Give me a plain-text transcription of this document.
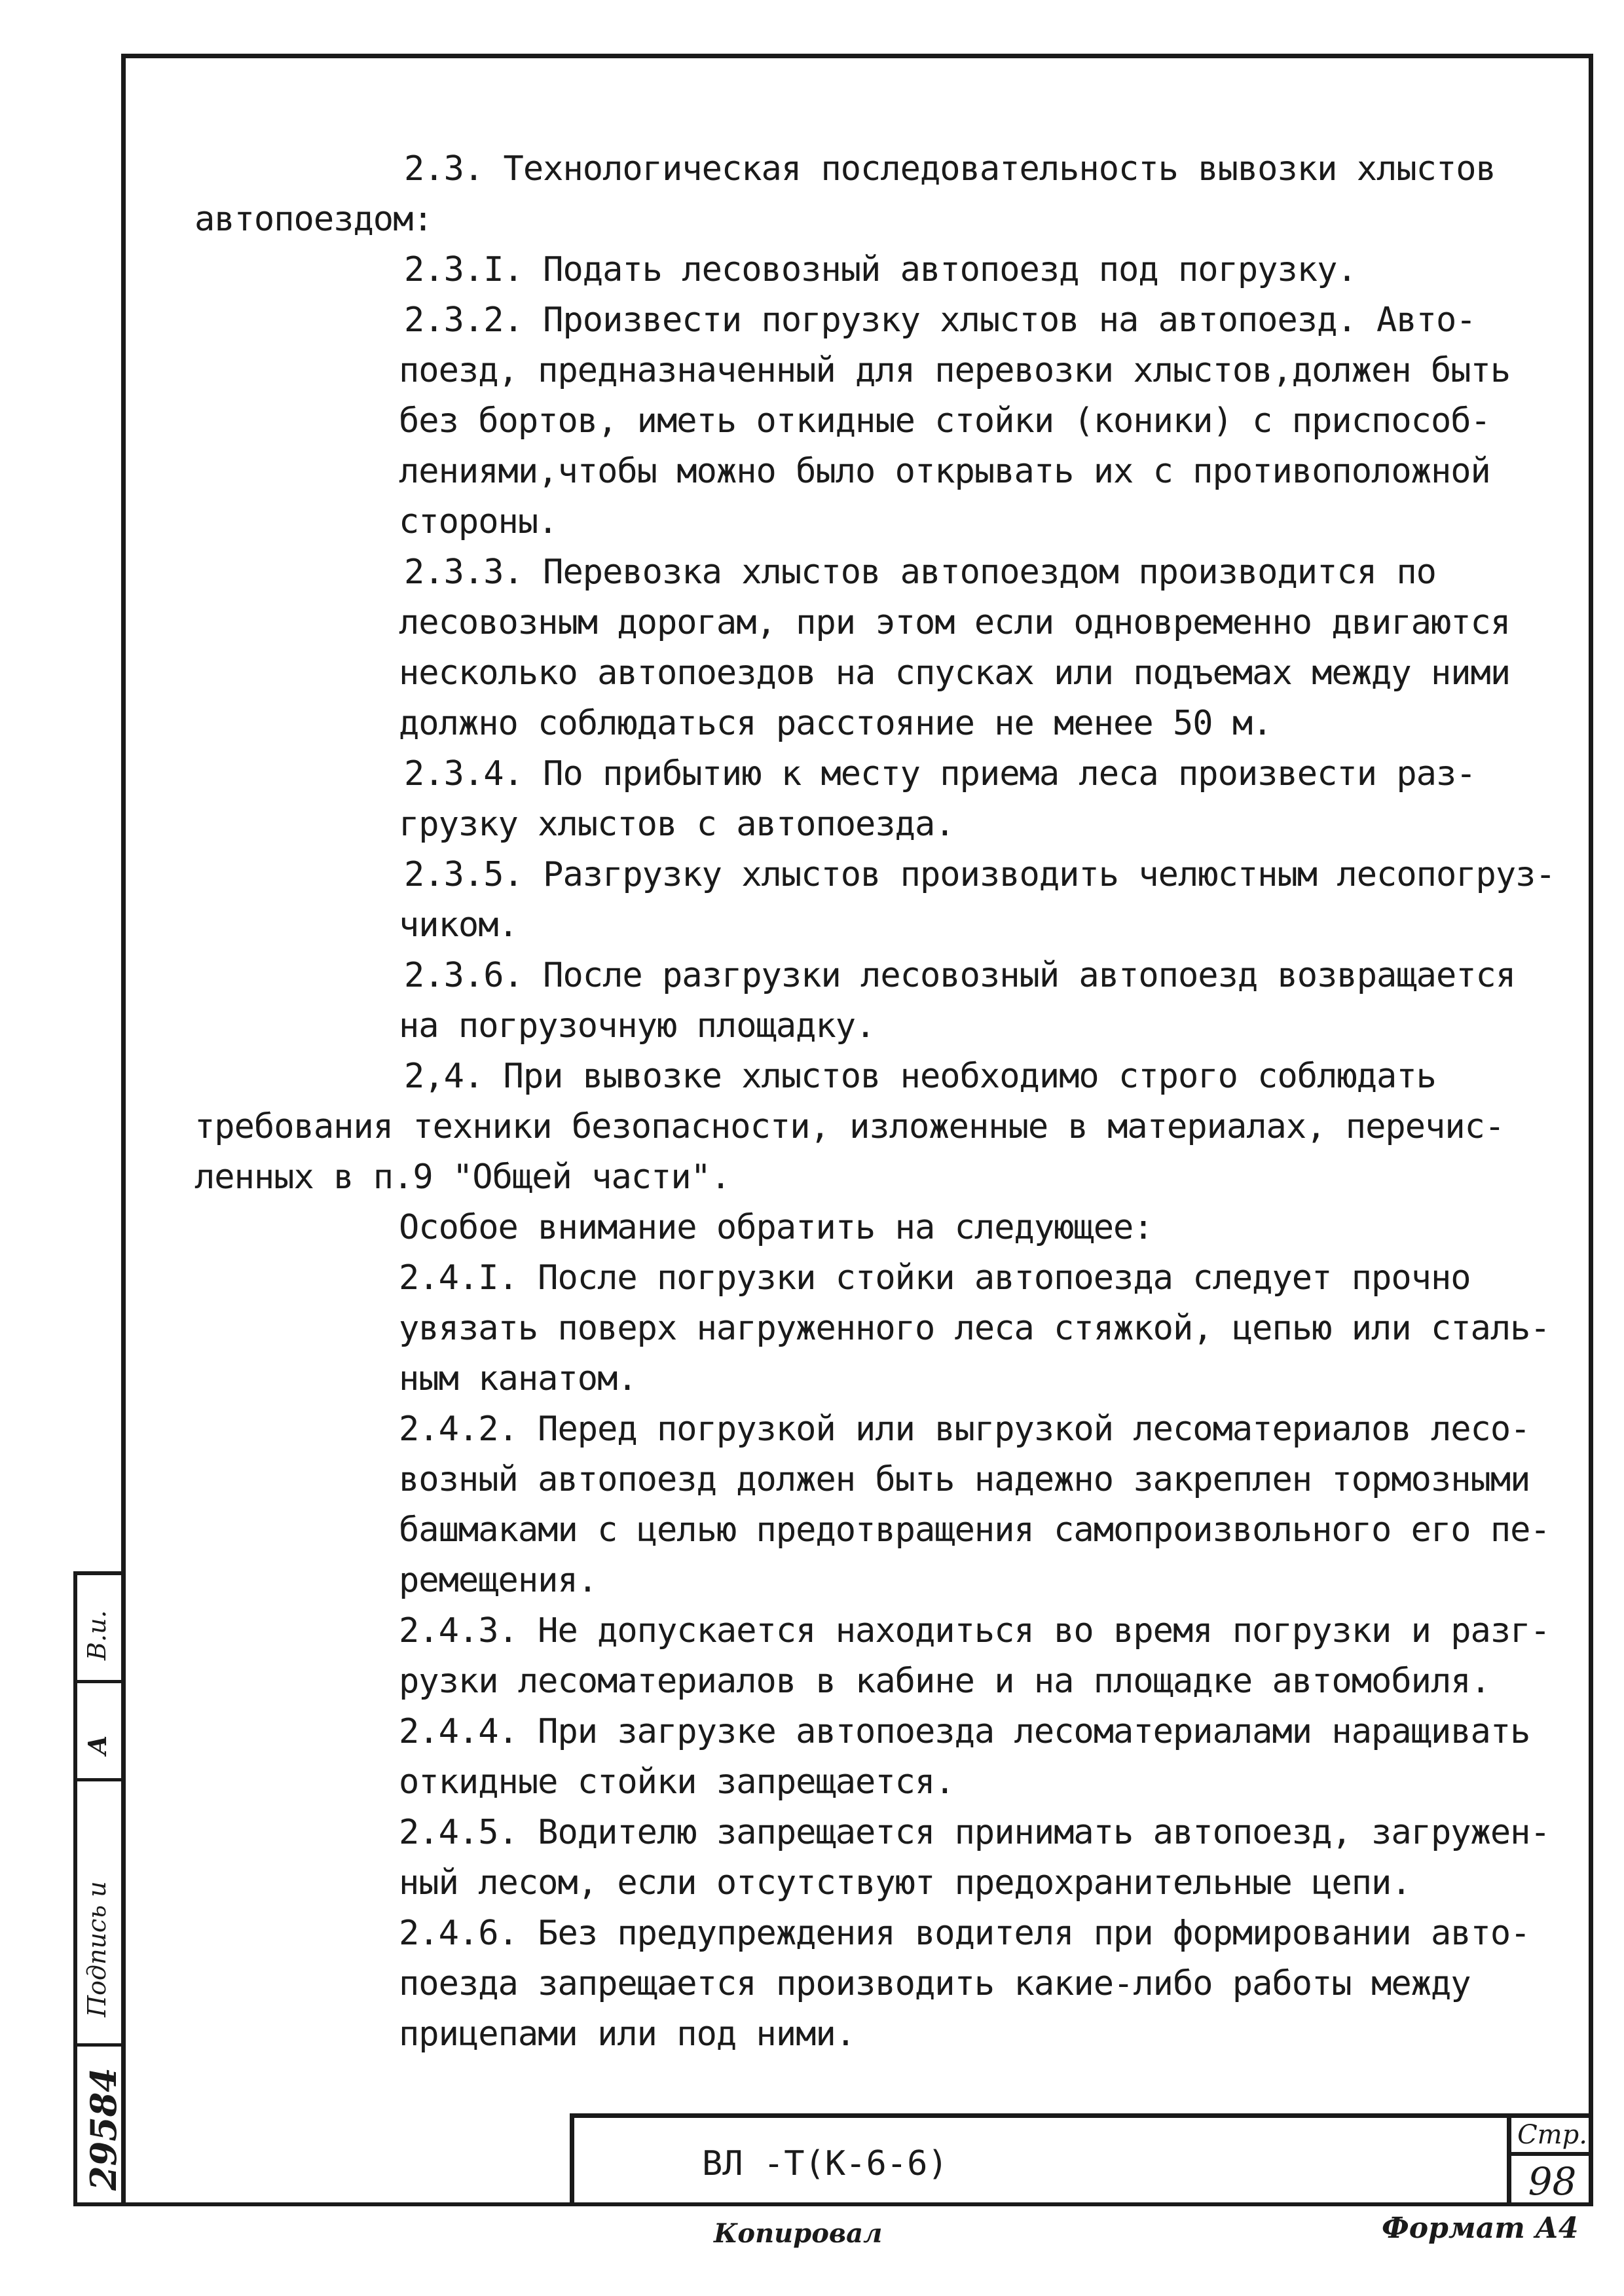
2.3. Технологическая последовательность вывозки хлыстов

автопоездом:

2.3.I. Подать лесовозный автопоезд под погрузку.

2.3.2. Произвести погрузку хлыстов на автопоезд. Авто-

поезд, предназначенный для перевозки хлыстов,должен быть

без бортов, иметь откидные стойки (коники) с приспособ-

лениями,чтобы можно было открывать их с противоположной

стороны.

2.3.3. Перевозка хлыстов автопоездом производится по

лесовозным дорогам, при этом если одновременно двигаются

несколько автопоездов на спусках или подъемах между ними

должно соблюдаться расстояние не менее 50 м.

2.3.4. По прибытию к месту приема леса произвести раз-

грузку хлыстов с автопоезда.

2.3.5. Разгрузку хлыстов производить челюстным лесопогруз-

чиком.

2.3.6. После разгрузки лесовозный автопоезд возвращается

на погрузочную площадку.

2,4. При вывозке хлыстов необходимо строго соблюдать

требования техники безопасности, изложенные в материалах, перечис-

ленных в п.9 "Общей части".

Особое внимание обратить на следующее:

2.4.I. После погрузки стойки автопоезда следует прочно

увязать поверх нагруженного леса стяжкой, цепью или сталь-

ным канатом.

2.4.2. Перед погрузкой или выгрузкой лесоматериалов лесо-

возный автопоезд должен быть надежно закреплен тормозными

башмаками с целью предотвращения самопроизвольного его пе-

ремещения.

2.4.3. Не допускается находиться во время погрузки и разг-

рузки лесоматериалов в кабине и на площадке автомобиля.

2.4.4. При загрузке автопоезда лесоматериалами наращивать

откидные стойки запрещается.

2.4.5. Водителю запрещается принимать автопоезд, загружен-

ный лесом, если отсутствуют предохранительные цепи.

2.4.6. Без предупреждения водителя при формировании авто-

поезда запрещается производить какие-либо работы между

прицепами или под ними.

ВЛ -Т(К-6-6)
Стр.
98
Копировал	Формат А4
В.и.
А
Подпись и
29584
